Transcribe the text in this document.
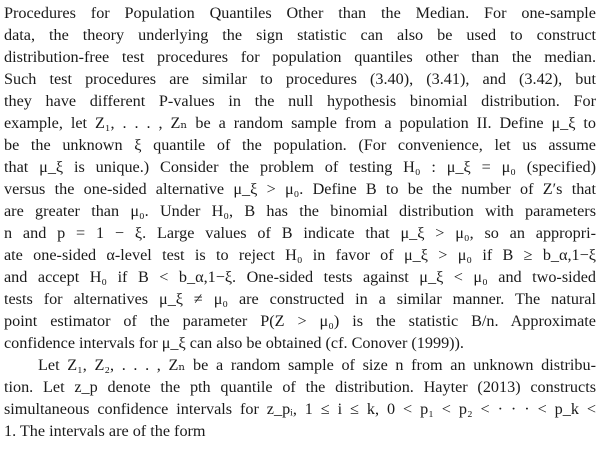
Procedures for Population Quantiles Other than the Median. For one-sample
data, the theory underlying the sign statistic can also be used to construct
distribution-free test procedures for population quantiles other than the median.
Such test procedures are similar to procedures (3.40), (3.41), and (3.42), but
they have different P-values in the null hypothesis binomial distribution. For
example, let Z₁, . . . , Zₙ be a random sample from a population II. Define μ_ξ to
be the unknown ξ quantile of the population. (For convenience, let us assume
that μ_ξ is unique.) Consider the problem of testing H₀ : μ_ξ = μ₀ (specified)
versus the one-sided alternative μ_ξ > μ₀. Define B to be the number of Z′s that
are greater than μ₀. Under H₀, B has the binomial distribution with parameters
n and p = 1 − ξ. Large values of B indicate that μ_ξ > μ₀, so an appropri-
ate one-sided α-level test is to reject H₀ in favor of μ_ξ > μ₀ if B ≥ b_α,1−ξ
and accept H₀ if B < b_α,1−ξ. One-sided tests against μ_ξ < μ₀ and two-sided
tests for alternatives μ_ξ ≠ μ₀ are constructed in a similar manner. The natural
point estimator of the parameter P(Z > μ₀) is the statistic B/n. Approximate
confidence intervals for μ_ξ can also be obtained (cf. Conover (1999)).
Let Z₁, Z₂, . . . , Zₙ be a random sample of size n from an unknown distribu-
tion. Let z_p denote the pth quantile of the distribution. Hayter (2013) constructs
simultaneous confidence intervals for z_pᵢ, 1 ≤ i ≤ k, 0 < p₁ < p₂ < · · · < p_k <
1. The intervals are of the form
